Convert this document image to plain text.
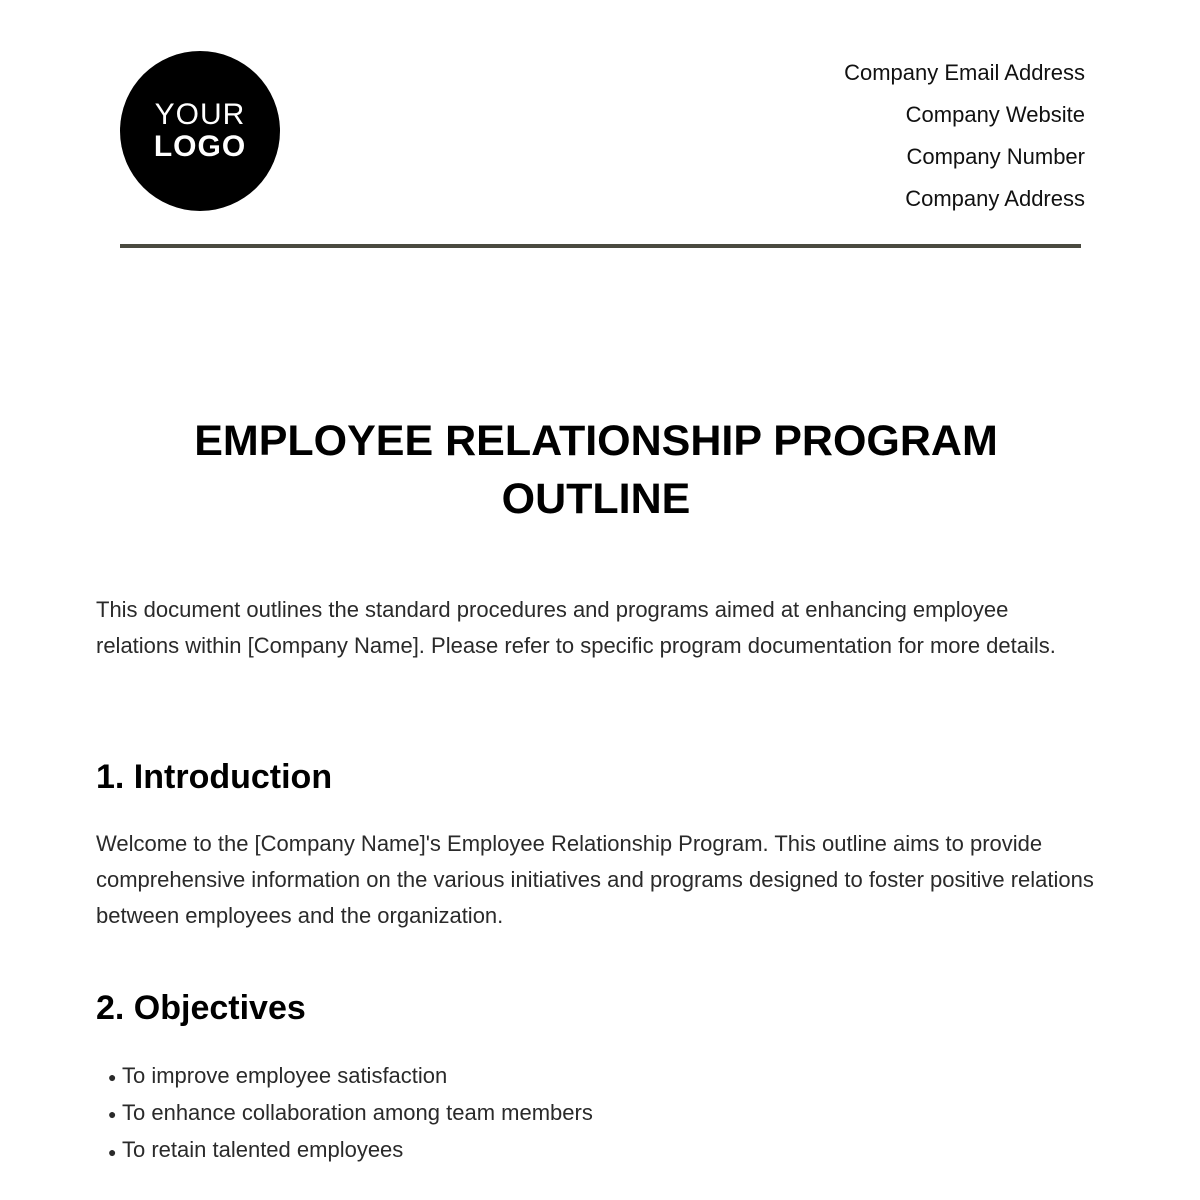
YOUR
LOGO
Company Email Address
Company Website
Company Number
Company Address
EMPLOYEE RELATIONSHIP PROGRAM OUTLINE

This document outlines the standard procedures and programs aimed at enhancing employee relations within [Company Name]. Please refer to specific program documentation for more details.

1. Introduction

Welcome to the [Company Name]'s Employee Relationship Program. This outline aims to provide comprehensive information on the various initiatives and programs designed to foster positive relations between employees and the organization.

2. Objectives
● To improve employee satisfaction
● To enhance collaboration among team members
● To retain talented employees
